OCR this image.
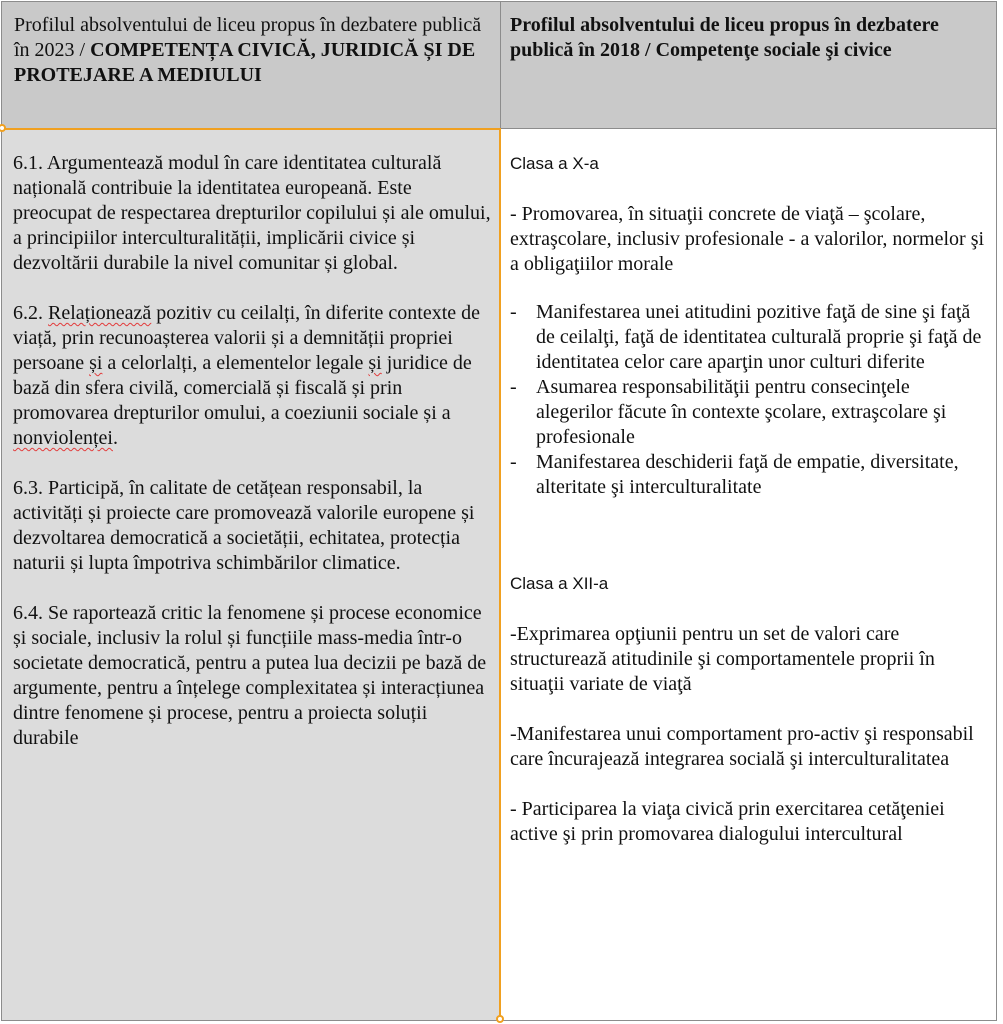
Profilul absolventului de liceu propus în dezbatere publică în 2023 / COMPETENȚA CIVICĂ, JURIDICĂ ȘI DE PROTEJARE A MEDIULUI
Profilul absolventului de liceu propus în dezbatere publică în 2018 / Competenţe sociale şi civice

6.1. Argumentează modul în care identitatea culturală națională contribuie la identitatea europeană. Este preocupat de respectarea drepturilor copilului și ale omului, a principiilor interculturalității, implicării civice și dezvoltării durabile la nivel comunitar și global.

6.2. Relaționează pozitiv cu ceilalți, în diferite contexte de viață, prin recunoașterea valorii și a demnității propriei persoane și a celorlalți, a elementelor legale și juridice de bază din sfera civilă, comercială și fiscală și prin promovarea drepturilor omului, a coeziunii sociale și a nonviolenței.

6.3. Participă, în calitate de cetățean responsabil, la activități și proiecte care promovează valorile europene și dezvoltarea democratică a societății, echitatea, protecția naturii și lupta împotriva schimbărilor climatice.

6.4. Se raportează critic la fenomene și procese economice și sociale, inclusiv la rolul și funcțiile mass-media într-o societate democratică, pentru a putea lua decizii pe bază de argumente, pentru a înțelege complexitatea și interacțiunea dintre fenomene și procese, pentru a proiecta soluții durabile

Clasa a X-a

- Promovarea, în situaţii concrete de viaţă – şcolare, extraşcolare, inclusiv profesionale - a valorilor, normelor şi a obligaţiilor morale

- Manifestarea unei atitudini pozitive faţă de sine şi faţă de ceilalţi, faţă de identitatea culturală proprie şi faţă de identitatea celor care aparţin unor culturi diferite
- Asumarea responsabilităţii pentru consecinţele alegerilor făcute în contexte şcolare, extraşcolare şi profesionale
- Manifestarea deschiderii faţă de empatie, diversitate, alteritate şi interculturalitate
Clasa a XII-a

-Exprimarea opţiunii pentru un set de valori care structurează atitudinile şi comportamentele proprii în situaţii variate de viaţă

-Manifestarea unui comportament pro-activ şi responsabil care încurajează integrarea socială şi interculturalitatea

- Participarea la viaţa civică prin exercitarea cetăţeniei active şi prin promovarea dialogului intercultural
